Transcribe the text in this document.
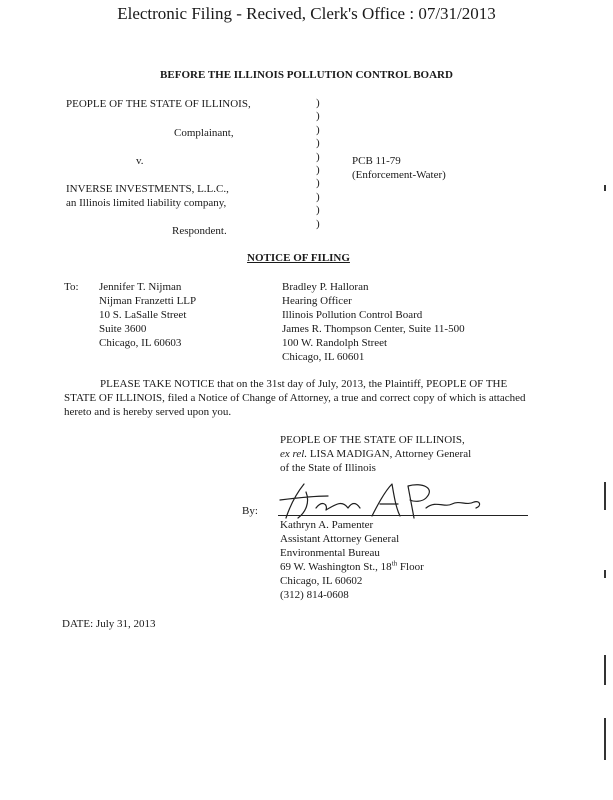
Electronic Filing - Recived, Clerk's Office : 07/31/2013
BEFORE THE ILLINOIS POLLUTION CONTROL BOARD
PEOPLE OF THE STATE OF ILLINOIS,
Complainant,
v.	PCB 11-79
(Enforcement-Water)
INVERSE INVESTMENTS, L.L.C.,
an Illinois limited liability company,
Respondent.
)
)
)
)
)
)
)
)
)
)
NOTICE OF FILING
To: Jennifer T. Nijman
Nijman Franzetti LLP
10 S. LaSalle Street
Suite 3600
Chicago, IL 60603
Bradley P. Halloran
Hearing Officer
Illinois Pollution Control Board
James R. Thompson Center, Suite 11-500
100 W. Randolph Street
Chicago, IL 60601
PLEASE TAKE NOTICE that on the 31st day of July, 2013, the Plaintiff, PEOPLE OF THE STATE OF ILLINOIS, filed a Notice of Change of Attorney, a true and correct copy of which is attached hereto and is hereby served upon you.
PEOPLE OF THE STATE OF ILLINOIS,
ex rel. LISA MADIGAN, Attorney General
of the State of Illinois
By:
Kathryn A. Pamenter
Assistant Attorney General
Environmental Bureau
69 W. Washington St., 18th Floor
Chicago, IL 60602
(312) 814-0608
DATE: July 31, 2013
